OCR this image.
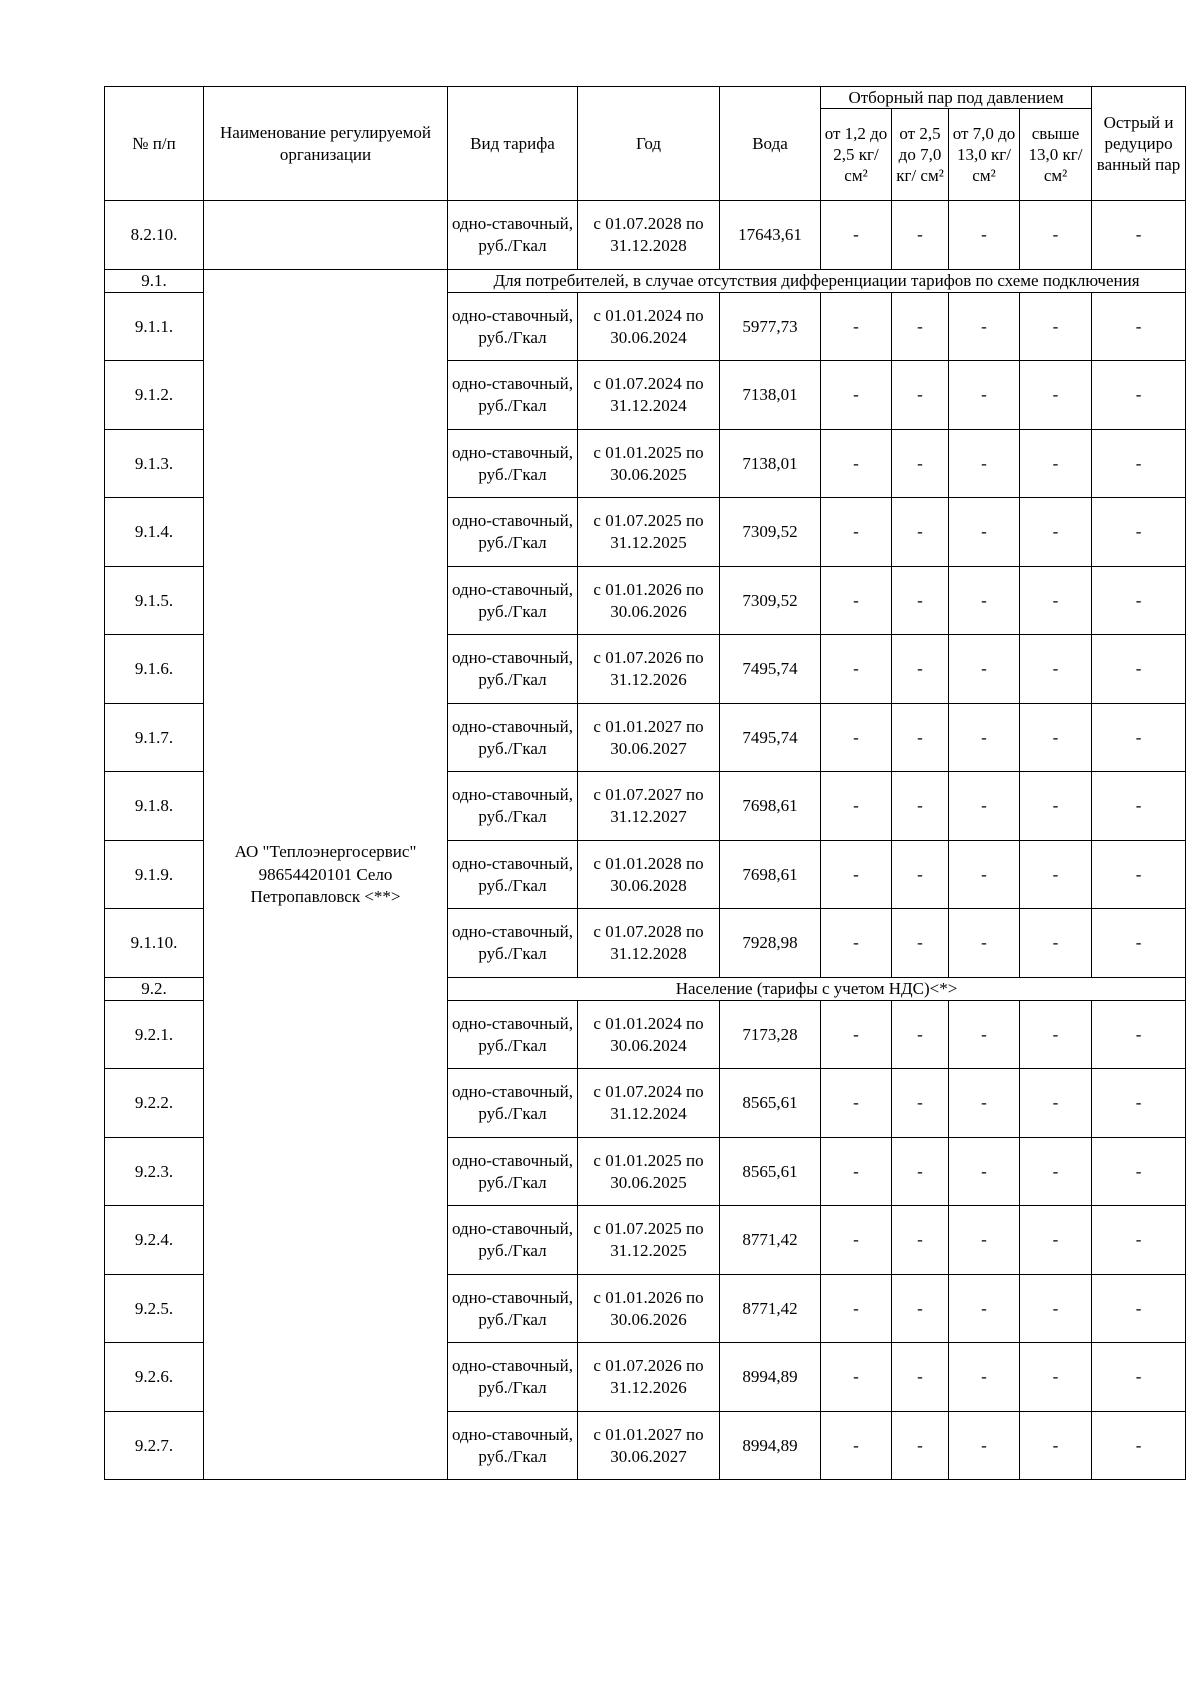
№ п/п	Наименование регулируемой организации	Вид тарифа	Год	Вода	Отборный пар под давлением				Острый и редуциро ванный пар
					от 1,2 до 2,5 кг/ см²	от 2,5 до 7,0 кг/ см²	от 7,0 до 13,0 кг/ см²	свыше 13,0 кг/ см²	
8.2.10.		одно-ставочный, руб./Гкал	с 01.07.2028 по 31.12.2028	17643,61	-	-	-	-	-
9.1.	АО "Теплоэнергосервис" 98654420101 Село Петропавловск <**>	Для потребителей, в случае отсутствия дифференциации тарифов по схеме подключения							
9.1.1.		одно-ставочный, руб./Гкал	с 01.01.2024 по 30.06.2024	5977,73	-	-	-	-	-
9.1.2.		одно-ставочный, руб./Гкал	с 01.07.2024 по 31.12.2024	7138,01	-	-	-	-	-
9.1.3.		одно-ставочный, руб./Гкал	с 01.01.2025 по 30.06.2025	7138,01	-	-	-	-	-
9.1.4.		одно-ставочный, руб./Гкал	с 01.07.2025 по 31.12.2025	7309,52	-	-	-	-	-
9.1.5.		одно-ставочный, руб./Гкал	с 01.01.2026 по 30.06.2026	7309,52	-	-	-	-	-
9.1.6.		одно-ставочный, руб./Гкал	с 01.07.2026 по 31.12.2026	7495,74	-	-	-	-	-
9.1.7.		одно-ставочный, руб./Гкал	с 01.01.2027 по 30.06.2027	7495,74	-	-	-	-	-
9.1.8.		одно-ставочный, руб./Гкал	с 01.07.2027 по 31.12.2027	7698,61	-	-	-	-	-
9.1.9.		одно-ставочный, руб./Гкал	с 01.01.2028 по 30.06.2028	7698,61	-	-	-	-	-
9.1.10.		одно-ставочный, руб./Гкал	с 01.07.2028 по 31.12.2028	7928,98	-	-	-	-	-
9.2.		Население (тарифы с учетом НДС)<*>							
9.2.1.		одно-ставочный, руб./Гкал	с 01.01.2024 по 30.06.2024	7173,28	-	-	-	-	-
9.2.2.		одно-ставочный, руб./Гкал	с 01.07.2024 по 31.12.2024	8565,61	-	-	-	-	-
9.2.3.		одно-ставочный, руб./Гкал	с 01.01.2025 по 30.06.2025	8565,61	-	-	-	-	-
9.2.4.		одно-ставочный, руб./Гкал	с 01.07.2025 по 31.12.2025	8771,42	-	-	-	-	-
9.2.5.		одно-ставочный, руб./Гкал	с 01.01.2026 по 30.06.2026	8771,42	-	-	-	-	-
9.2.6.		одно-ставочный, руб./Гкал	с 01.07.2026 по 31.12.2026	8994,89	-	-	-	-	-
9.2.7.		одно-ставочный, руб./Гкал	с 01.01.2027 по 30.06.2027	8994,89	-	-	-	-	-
